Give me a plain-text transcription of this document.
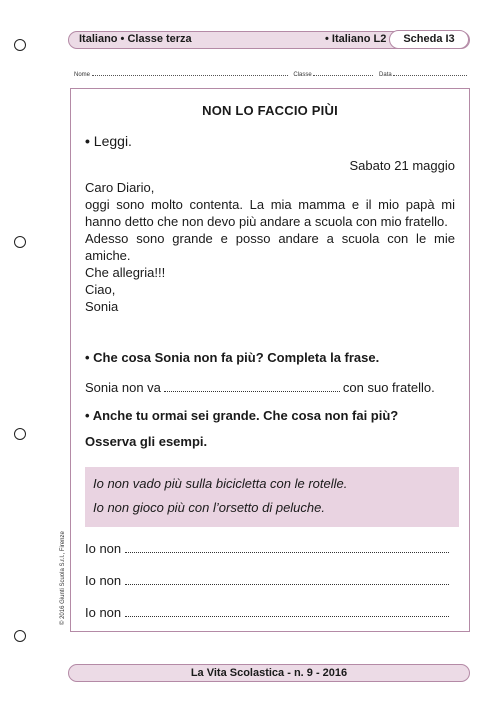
Italiano • Classe terza	• Italiano L2	Scheda I3
Nome	Classe	Data
NON LO FACCIO PIÙI
• Leggi.
Sabato 21 maggio

Caro Diario,

oggi sono molto contenta. La mia mamma e il mio papà mi hanno detto che non devo più andare a scuola con mio fratello.

Adesso sono grande e posso andare a scuola con le mie amiche.

Che allegria!!!

Ciao,

Sonia

• Che cosa Sonia non fa più? Completa la frase.
Sonia non va	con suo fratello.
• Anche tu ormai sei grande. Che cosa non fai più?
Osserva gli esempi.
Io non vado più sulla bicicletta con le rotelle.
Io non gioco più con l’orsetto di peluche.
Io non
Io non
Io non
© 2016 Giunti Scuola S.r.l., Firenze
La Vita Scolastica - n. 9 - 2016
